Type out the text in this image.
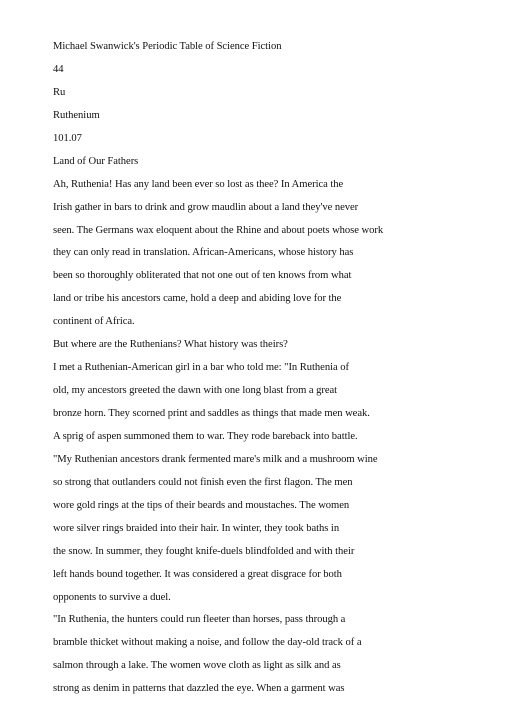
Michael Swanwick's Periodic Table of Science Fiction
44
Ru
Ruthenium
101.07
Land of Our Fathers
Ah, Ruthenia! Has any land been ever so lost as thee? In America the
Irish gather in bars to drink and grow maudlin about a land they've never
seen. The Germans wax eloquent about the Rhine and about poets whose work
they can only read in translation. African-Americans, whose history has
been so thoroughly obliterated that not one out of ten knows from what
land or tribe his ancestors came, hold a deep and abiding love for the
continent of Africa.
But where are the Ruthenians? What history was theirs?
I met a Ruthenian-American girl in a bar who told me: "In Ruthenia of
old, my ancestors greeted the dawn with one long blast from a great
bronze horn. They scorned print and saddles as things that made men weak.
A sprig of aspen summoned them to war. They rode bareback into battle.
"My Ruthenian ancestors drank fermented mare's milk and a mushroom wine
so strong that outlanders could not finish even the first flagon. The men
wore gold rings at the tips of their beards and moustaches. The women
wore silver rings braided into their hair. In winter, they took baths in
the snow. In summer, they fought knife-duels blindfolded and with their
left hands bound together. It was considered a great disgrace for both
opponents to survive a duel.
"In Ruthenia, the hunters could run fleeter than horses, pass through a
bramble thicket without making a noise, and follow the day-old track of a
salmon through a lake. The women wove cloth as light as silk and as
strong as denim in patterns that dazzled the eye. When a garment was
